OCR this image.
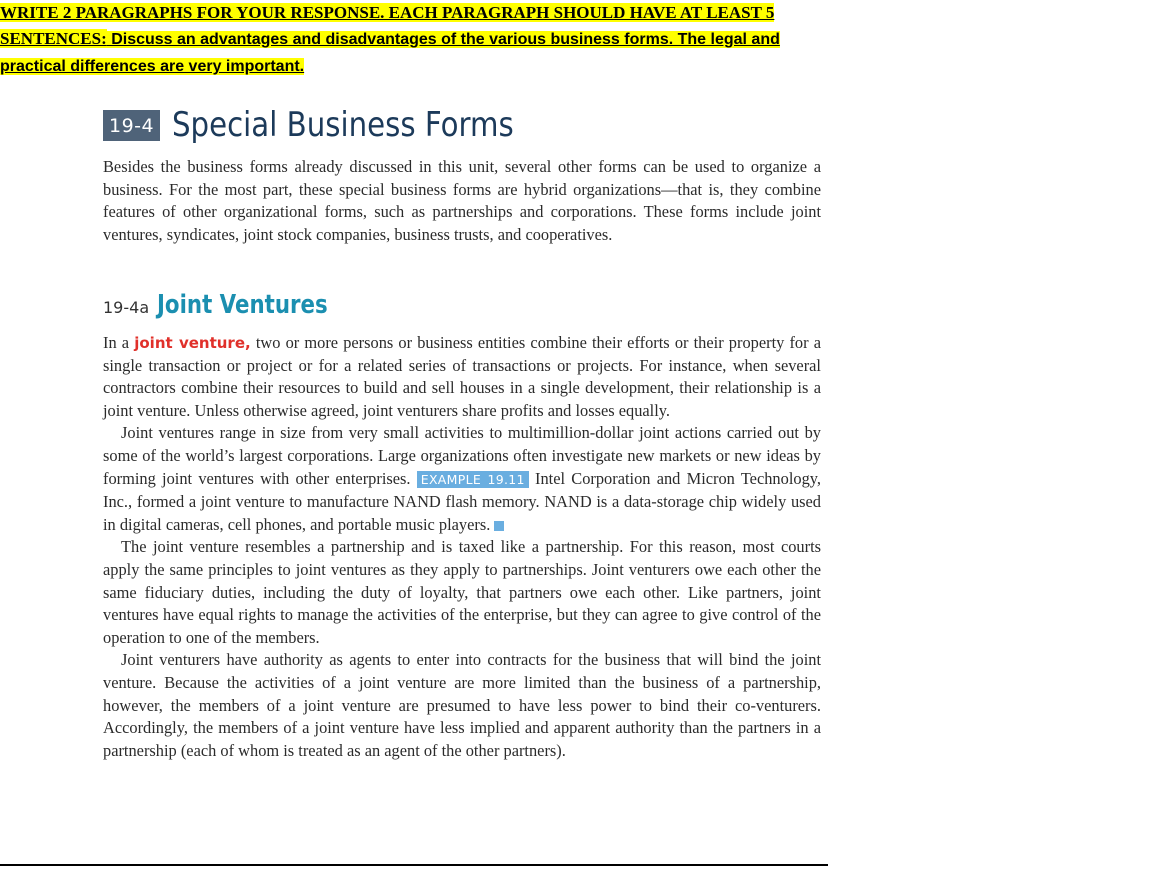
WRITE 2 PARAGRAPHS FOR YOUR RESPONSE. EACH PARAGRAPH SHOULD HAVE AT LEAST 5 SENTENCES: Discuss an advantages and disadvantages of the various business forms. The legal and practical differences are very important.
19-4 Special Business Forms
Besides the business forms already discussed in this unit, several other forms can be used to organize a business. For the most part, these special business forms are hybrid organizations—that is, they combine features of other organizational forms, such as partnerships and corporations. These forms include joint ventures, syndicates, joint stock companies, business trusts, and cooperatives.
19-4a Joint Ventures
In a joint venture, two or more persons or business entities combine their efforts or their property for a single transaction or project or for a related series of transactions or projects. For instance, when several contractors combine their resources to build and sell houses in a single development, their relationship is a joint venture. Unless otherwise agreed, joint venturers share profits and losses equally.
Joint ventures range in size from very small activities to multimillion-dollar joint actions carried out by some of the world’s largest corporations. Large organizations often investigate new markets or new ideas by forming joint ventures with other enterprises. EXAMPLE 19.11 Intel Corporation and Micron Technology, Inc., formed a joint venture to manufacture NAND flash memory. NAND is a data-storage chip widely used in digital cameras, cell phones, and portable music players.
The joint venture resembles a partnership and is taxed like a partnership. For this reason, most courts apply the same principles to joint ventures as they apply to partnerships. Joint venturers owe each other the same fiduciary duties, including the duty of loyalty, that partners owe each other. Like partners, joint ventures have equal rights to manage the activities of the enterprise, but they can agree to give control of the operation to one of the members.
Joint venturers have authority as agents to enter into contracts for the business that will bind the joint venture. Because the activities of a joint venture are more limited than the business of a partnership, however, the members of a joint venture are presumed to have less power to bind their co-venturers. Accordingly, the members of a joint venture have less implied and apparent authority than the partners in a partnership (each of whom is treated as an agent of the other partners).
